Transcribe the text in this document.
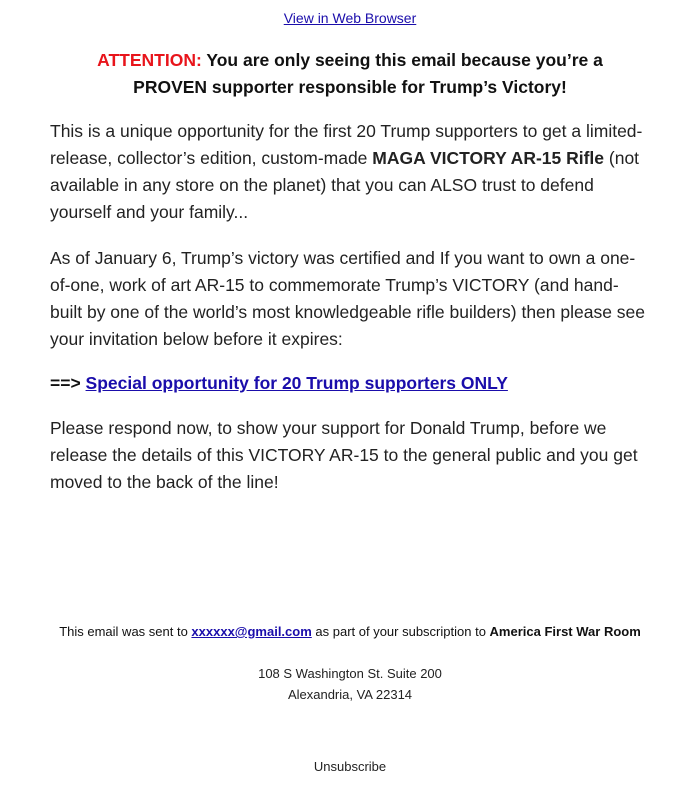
View in Web Browser
ATTENTION: You are only seeing this email because you’re a
PROVEN supporter responsible for Trump’s Victory!

This is a unique opportunity for the first 20 Trump supporters to get a limited-release, collector’s edition, custom-made MAGA VICTORY AR-15 Rifle (not available in any store on the planet) that you can ALSO trust to defend yourself and your family...

As of January 6, Trump’s victory was certified and If you want to own a one-of-one, work of art AR-15 to commemorate Trump’s VICTORY (and hand-built by one of the world’s most knowledgeable rifle builders) then please see your invitation below before it expires:

==> Special opportunity for 20 Trump supporters ONLY

Please respond now, to show your support for Donald Trump, before we release the details of this VICTORY AR-15 to the general public and you get moved to the back of the line!

This email was sent to xxxxxx@gmail.com as part of your subscription to America First War Room
108 S Washington St. Suite 200
Alexandria, VA 22314
Unsubscribe
